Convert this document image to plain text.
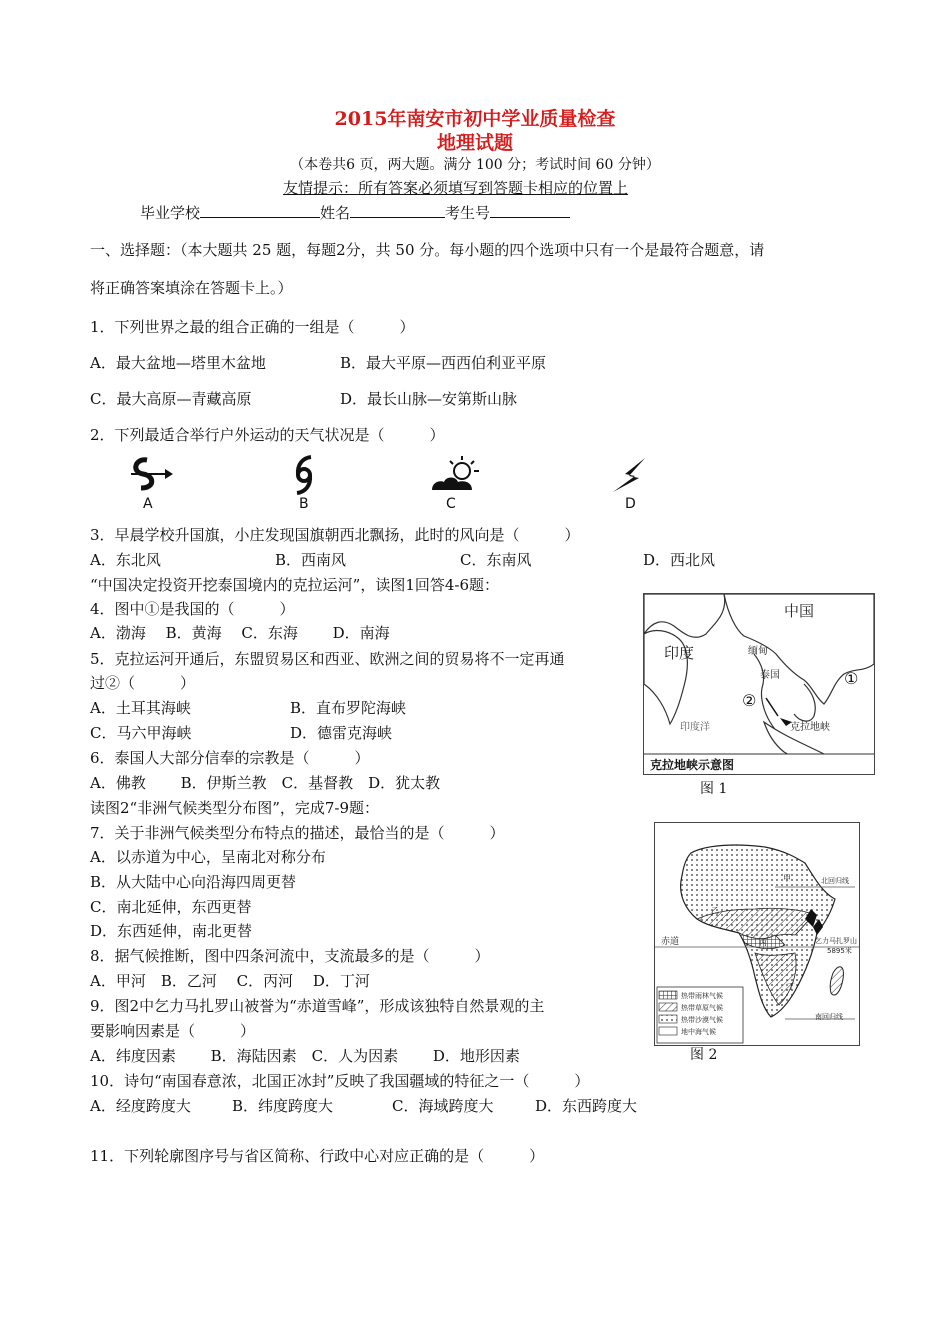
2015年南安市初中学业质量检查
地理试题
（本卷共6 页，两大题。满分 100 分；考试时间 60 分钟）
友情提示：所有答案必须填写到答题卡相应的位置上
毕业学校	姓名	考生号
一、选择题：（本大题共 25 题，每题2分，共 50 分。每小题的四个选项中只有一个是最符合题意，请
将正确答案填涂在答题卡上。）
1．下列世界之最的组合正确的一组是（　　　）
A．最大盆地—塔里木盆地	B．最大平原—西西伯利亚平原
C．最大高原—青藏高原	D．最长山脉—安第斯山脉
2．下列最适合举行户外运动的天气状况是（　　　）
A	B	C	D
3．早晨学校升国旗，小庄发现国旗朝西北飘扬，此时的风向是（　　　）
A．东北风	B．西南风	C．东南风	D．西北风
“中国决定投资开挖泰国境内的克拉运河”，读图1回答4-6题：
4．图中①是我国的（　　　）
A．渤海　 B．黄海　 C．东海　　 D．南海
5．克拉运河开通后，东盟贸易区和西亚、欧洲之间的贸易将不一定再通
过②（　　　）
A．土耳其海峡	B．直布罗陀海峡
C．马六甲海峡	D．德雷克海峡
6．泰国人大部分信奉的宗教是（　　　）
A．佛教　　 B．伊斯兰教　C．基督教　D．犹太教
读图2“非洲气候类型分布图”，完成7-9题：
7．关于非洲气候类型分布特点的描述，最恰当的是（　　　）
A．以赤道为中心，呈南北对称分布
B．从大陆中心向沿海四周更替
C．南北延伸，东西更替
D．东西延伸，南北更替
8．据气候推断，图中四条河流中，支流最多的是（　　　）
A．甲河　B．乙河　 C．丙河　 D．丁河
9．图2中乞力马扎罗山被誉为“赤道雪峰”，形成该独特自然景观的主
要影响因素是（　　　）
A．纬度因素　　 B．海陆因素　C．人为因素　　 D．地形因素
10．诗句“南国春意浓，北国正冰封”反映了我国疆域的特征之一（　　　）
A．经度跨度大	B．纬度跨度大	C．海域跨度大	D．东西跨度大
11．下列轮廓图序号与省区简称、行政中心对应正确的是（　　　）
中国
印度	缅甸
泰国
克拉地峡
印度洋
①
②
克拉地峡示意图
图 1
甲
乙
丙
丁
赤道	乞力马扎罗山
5895米
北回归线
南回归线
热带雨林气候
热带草原气候
热带沙漠气候
地中海气候
图 2
